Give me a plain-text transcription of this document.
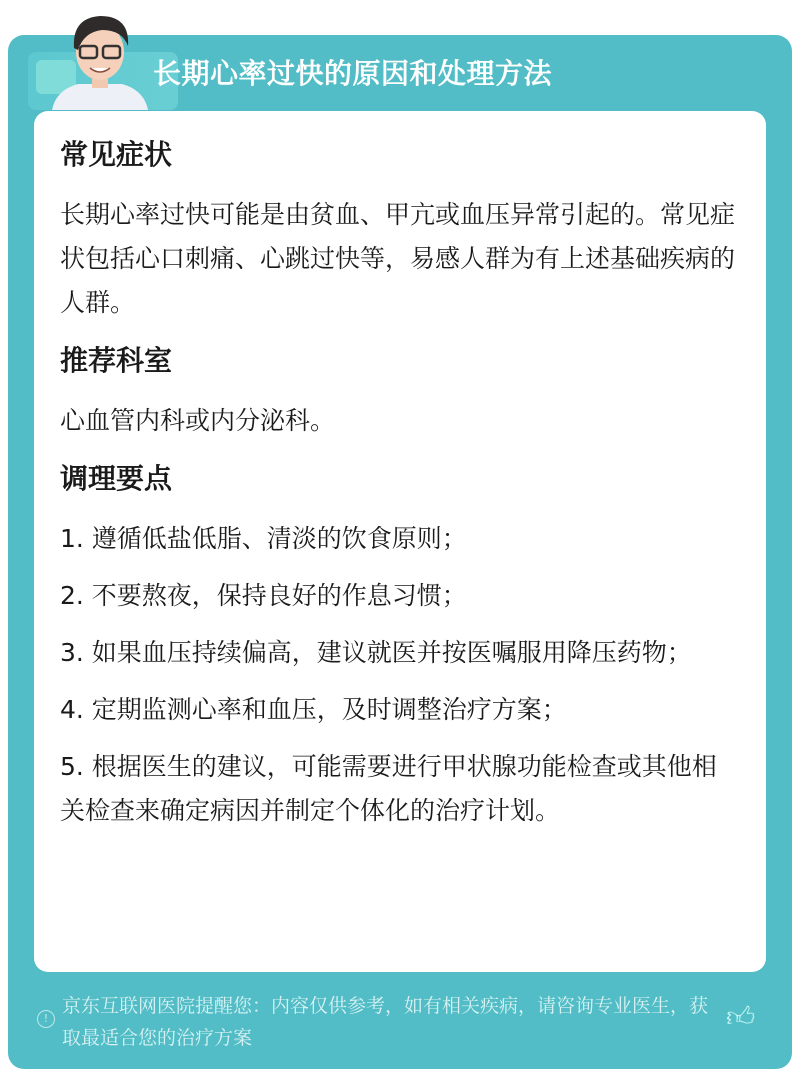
长期心率过快的原因和处理方法
常见症状

长期心率过快可能是由贫血、甲亢或血压异常引起的。常见症状包括心口刺痛、心跳过快等，易感人群为有上述基础疾病的人群。

推荐科室

心血管内科或内分泌科。

调理要点

1. 遵循低盐低脂、清淡的饮食原则；

2. 不要熬夜，保持良好的作息习惯；

3. 如果血压持续偏高，建议就医并按医嘱服用降压药物；

4. 定期监测心率和血压，及时调整治疗方案；

5. 根据医生的建议，可能需要进行甲状腺功能检查或其他相关检查来确定病因并制定个体化的治疗计划。

!
京东互联网医院提醒您：内容仅供参考，如有相关疾病，请咨询专业医生，获取最适合您的治疗方案
👍︎
